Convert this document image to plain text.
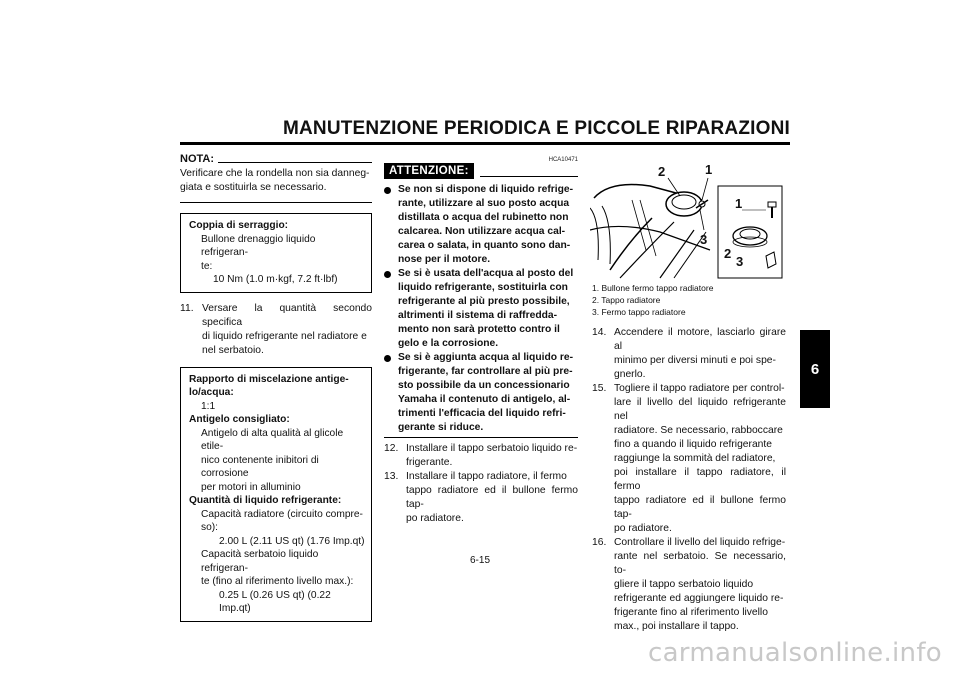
MANUTENZIONE PERIODICA E PICCOLE RIPARAZIONI
6
NOTA:
Verificare che la rondella non sia danneg-
giata e sostituirla se necessario.
Coppia di serraggio:
Bullone drenaggio liquido refrigeran-
te:
10 Nm (1.0 m·kgf, 7.2 ft·lbf)
11. Versare la quantità secondo specifica
di liquido refrigerante nel radiatore e
nel serbatoio.
Rapporto di miscelazione antige-
lo/acqua:
1:1
Antigelo consigliato:
Antigelo di alta qualità al glicole etile-
nico contenente inibitori di corrosione
per motori in alluminio
Quantità di liquido refrigerante:
Capacità radiatore (circuito compre-
so):
2.00 L (2.11 US qt) (1.76 Imp.qt)
Capacità serbatoio liquido refrigeran-
te (fino al riferimento livello max.):
0.25 L (0.26 US qt) (0.22 Imp.qt)
HCA10471
ATTENZIONE:
Se non si dispone di liquido refrige-
rante, utilizzare al suo posto acqua
distillata o acqua del rubinetto non
calcarea. Non utilizzare acqua cal-
carea o salata, in quanto sono dan-
nose per il motore.
Se si è usata dell'acqua al posto del
liquido refrigerante, sostituirla con
refrigerante al più presto possibile,
altrimenti il sistema di raffredda-
mento non sarà protetto contro il
gelo e la corrosione.
Se si è aggiunta acqua al liquido re-
frigerante, far controllare al più pre-
sto possibile da un concessionario
Yamaha il contenuto di antigelo, al-
trimenti l'efficacia del liquido refri-
gerante si riduce.
12. Installare il tappo serbatoio liquido re-
frigerante.
13. Installare il tappo radiatore, il fermo
tappo radiatore ed il bullone fermo tap-
po radiatore.
2	1
3
1
2
3
1. Bullone fermo tappo radiatore
2. Tappo radiatore
3. Fermo tappo radiatore
14. Accendere il motore, lasciarlo girare al
minimo per diversi minuti e poi spe-
gnerlo.
15. Togliere il tappo radiatore per control-
lare il livello del liquido refrigerante nel
radiatore. Se necessario, rabboccare
fino a quando il liquido refrigerante
raggiunge la sommità del radiatore,
poi installare il tappo radiatore, il fermo
tappo radiatore ed il bullone fermo tap-
po radiatore.
16. Controllare il livello del liquido refrige-
rante nel serbatoio. Se necessario, to-
gliere il tappo serbatoio liquido
refrigerante ed aggiungere liquido re-
frigerante fino al riferimento livello
max., poi installare il tappo.
6-15
carmanualsonline.info
